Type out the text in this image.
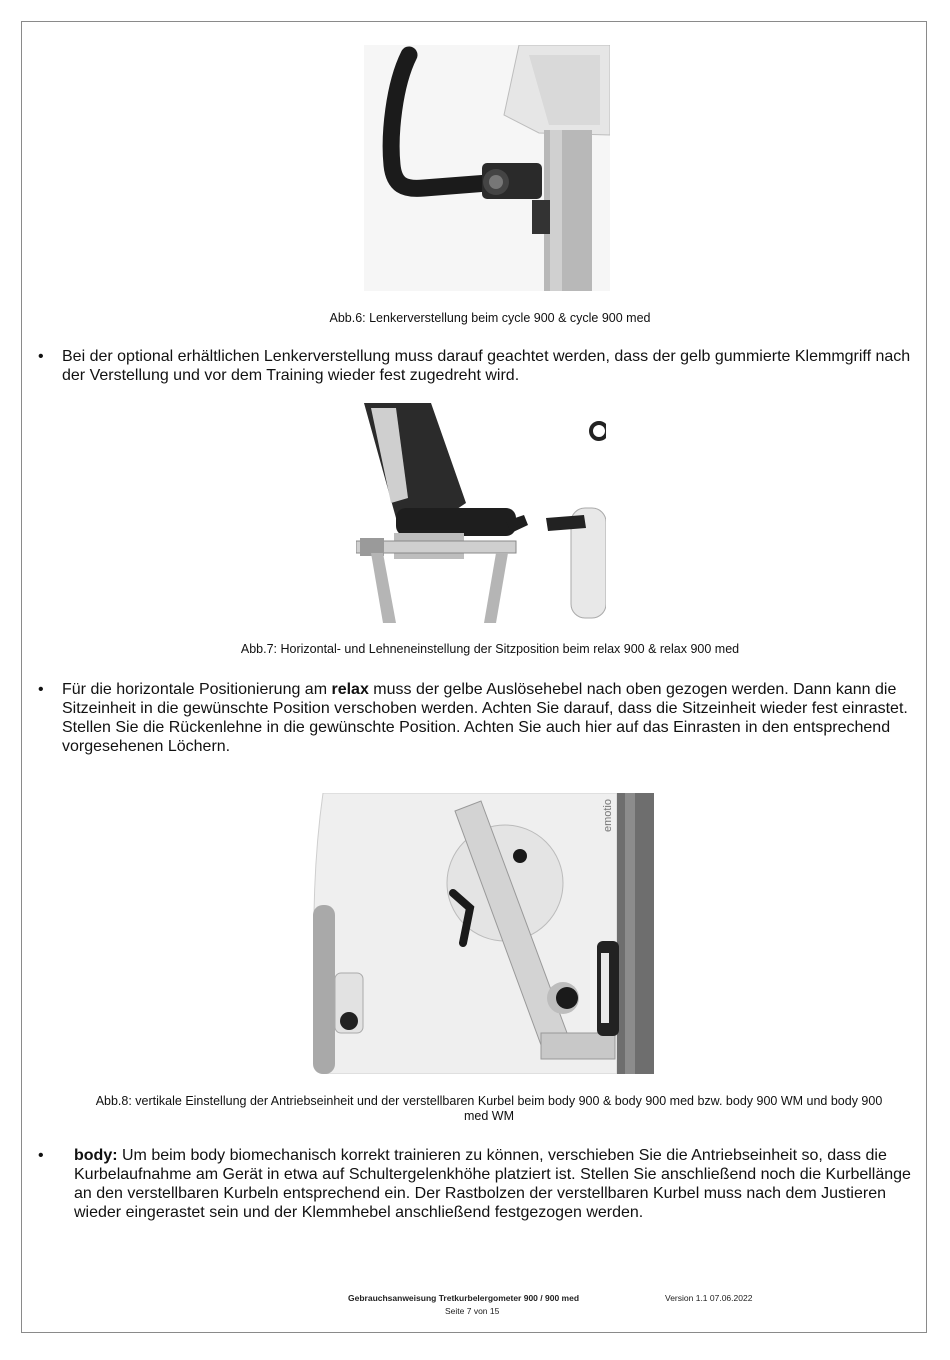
Abb.6: Lenkerverstellung beim cycle 900 & cycle 900 med
• Bei der optional erhältlichen Lenkerverstellung muss darauf geachtet werden, dass der gelb gummierte Klemmgriff nach der Verstellung und vor dem Training wieder fest zugedreht wird.
Abb.7: Horizontal- und Lehneneinstellung der Sitzposition beim relax 900 & relax 900 med
• Für die horizontale Positionierung am relax muss der gelbe Auslösehebel nach oben gezogen werden. Dann kann die Sitzeinheit in die gewünschte Position verschoben werden. Achten Sie darauf, dass die Sitzeinheit wieder fest einrastet. Stellen Sie die Rückenlehne in die gewünschte Position. Achten Sie auch hier auf das Einrasten in den entsprechend vorgesehenen Löchern.
emotio
Abb.8: vertikale Einstellung der Antriebseinheit und der verstellbaren Kurbel beim body 900 & body 900 med bzw. body 900 WM und body 900
med WM
• body: Um beim body biomechanisch korrekt trainieren zu können, verschieben Sie die Antriebseinheit so, dass die Kurbelaufnahme am Gerät in etwa auf Schultergelenkhöhe platziert ist. Stellen Sie anschließend noch die Kurbellänge an den verstellbaren Kurbeln entsprechend ein. Der Rastbolzen der verstellbaren Kurbel muss nach dem Justieren wieder eingerastet sein und der Klemmhebel anschließend festgezogen werden.
Gebrauchsanweisung Tretkurbelergometer 900 / 900 med	Version 1.1 07.06.2022
Seite 7 von 15
